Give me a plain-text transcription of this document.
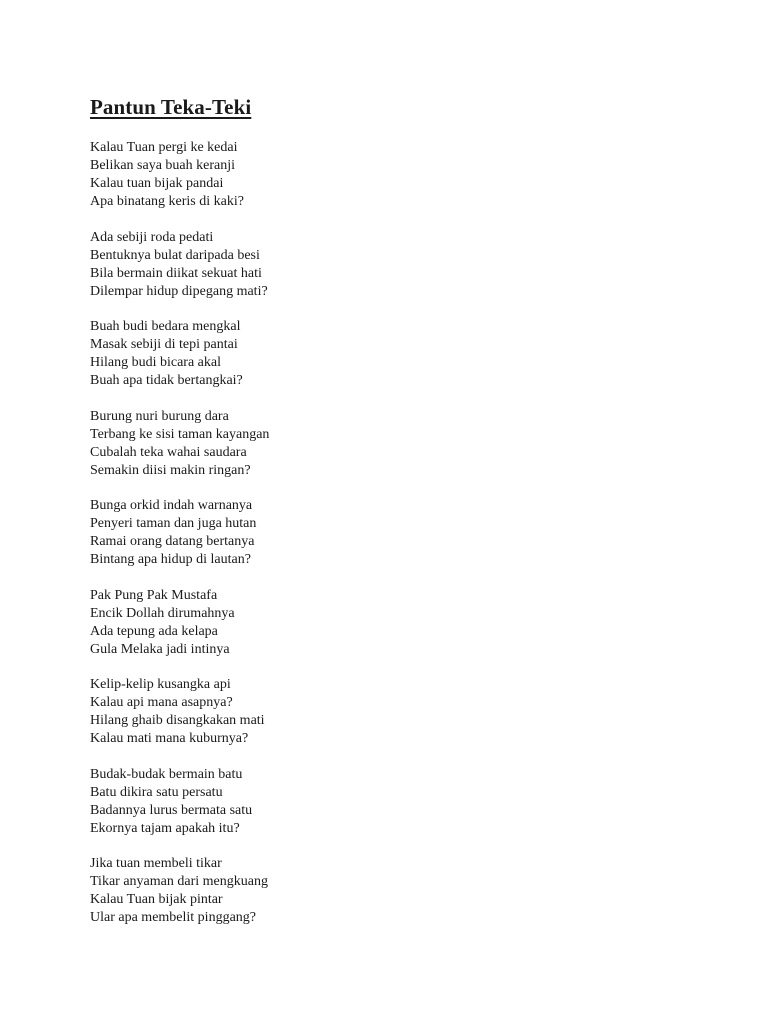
Pantun Teka-Teki
Kalau Tuan pergi ke kedai
Belikan saya buah keranji
Kalau tuan bijak pandai
Apa binatang keris di kaki?
Ada sebiji roda pedati
Bentuknya bulat daripada besi
Bila bermain diikat sekuat hati
Dilempar hidup dipegang mati?
Buah budi bedara mengkal
Masak sebiji di tepi pantai
Hilang budi bicara akal
Buah apa tidak bertangkai?
Burung nuri burung dara
Terbang ke sisi taman kayangan
Cubalah teka wahai saudara
Semakin diisi makin ringan?
Bunga orkid indah warnanya
Penyeri taman dan juga hutan
Ramai orang datang bertanya
Bintang apa hidup di lautan?
Pak Pung Pak Mustafa
Encik Dollah dirumahnya
Ada tepung ada kelapa
Gula Melaka jadi intinya
Kelip-kelip kusangka api
Kalau api mana asapnya?
Hilang ghaib disangkakan mati
Kalau mati mana kuburnya?
Budak-budak bermain batu
Batu dikira satu persatu
Badannya lurus bermata satu
Ekornya tajam apakah itu?
Jika tuan membeli tikar
Tikar anyaman dari mengkuang
Kalau Tuan bijak pintar
Ular apa membelit pinggang?
